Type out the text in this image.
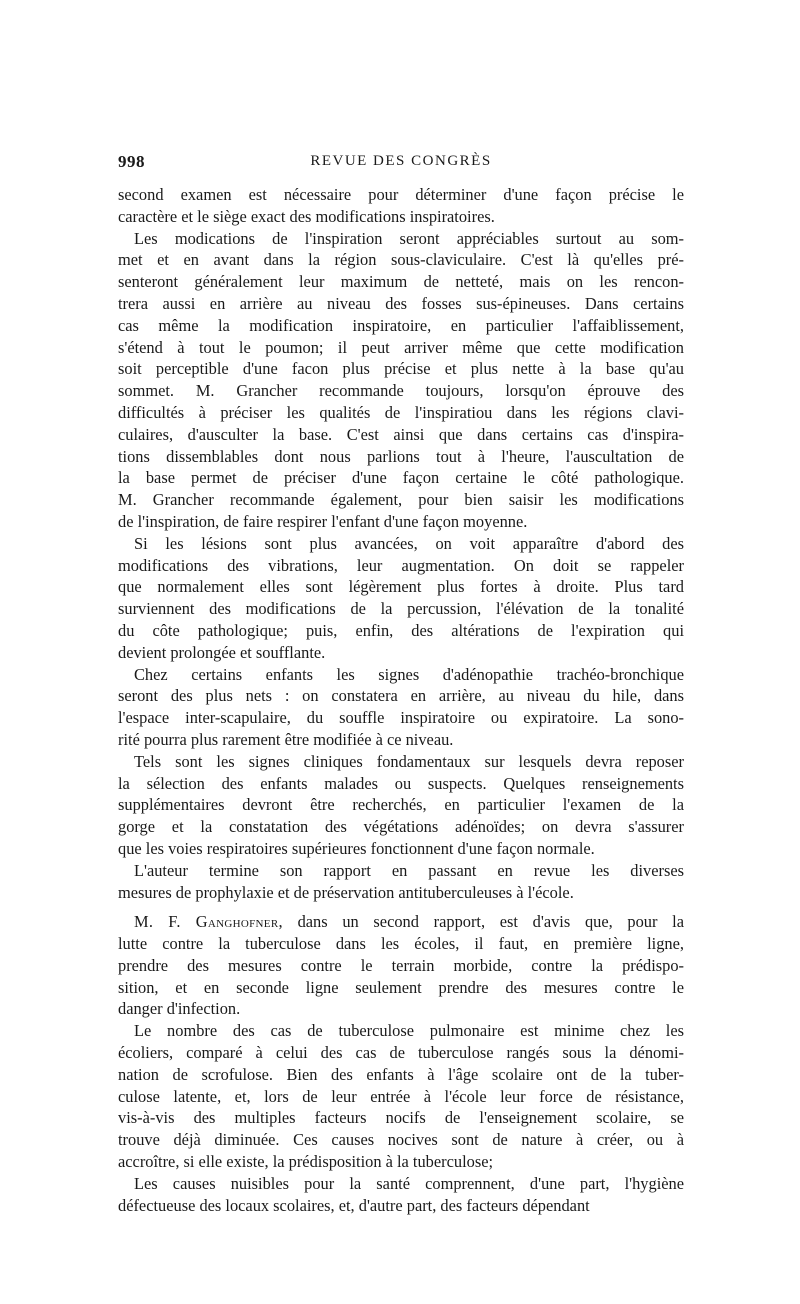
998	REVUE DES CONGRÈS
second examen est nécessaire pour déterminer d'une façon précise le
caractère et le siège exact des modifications inspiratoires.
Les modications de l'inspiration seront appréciables surtout au som-
met et en avant dans la région sous-claviculaire. C'est là qu'elles pré-
senteront généralement leur maximum de netteté, mais on les rencon-
trera aussi en arrière au niveau des fosses sus-épineuses. Dans certains
cas même la modification inspiratoire, en particulier l'affaiblissement,
s'étend à tout le poumon; il peut arriver même que cette modification
soit perceptible d'une facon plus précise et plus nette à la base qu'au
sommet. M. Grancher recommande toujours, lorsqu'on éprouve des
difficultés à préciser les qualités de l'inspiratiou dans les régions clavi-
culaires, d'ausculter la base. C'est ainsi que dans certains cas d'inspira-
tions dissemblables dont nous parlions tout à l'heure, l'auscultation de
la base permet de préciser d'une façon certaine le côté pathologique.
M. Grancher recommande également, pour bien saisir les modifications
de l'inspiration, de faire respirer l'enfant d'une façon moyenne.
Si les lésions sont plus avancées, on voit apparaître d'abord des
modifications des vibrations, leur augmentation. On doit se rappeler
que normalement elles sont légèrement plus fortes à droite. Plus tard
surviennent des modifications de la percussion, l'élévation de la tonalité
du côte pathologique; puis, enfin, des altérations de l'expiration qui
devient prolongée et soufflante.
Chez certains enfants les signes d'adénopathie trachéo-bronchique
seront des plus nets : on constatera en arrière, au niveau du hile, dans
l'espace inter-scapulaire, du souffle inspiratoire ou expiratoire. La sono-
rité pourra plus rarement être modifiée à ce niveau.
Tels sont les signes cliniques fondamentaux sur lesquels devra reposer
la sélection des enfants malades ou suspects. Quelques renseignements
supplémentaires devront être recherchés, en particulier l'examen de la
gorge et la constatation des végétations adénoïdes; on devra s'assurer
que les voies respiratoires supérieures fonctionnent d'une façon normale.
L'auteur termine son rapport en passant en revue les diverses
mesures de prophylaxie et de préservation antituberculeuses à l'école.
M. F. Ganghofner, dans un second rapport, est d'avis que, pour la
lutte contre la tuberculose dans les écoles, il faut, en première ligne,
prendre des mesures contre le terrain morbide, contre la prédispo-
sition, et en seconde ligne seulement prendre des mesures contre le
danger d'infection.
Le nombre des cas de tuberculose pulmonaire est minime chez les
écoliers, comparé à celui des cas de tuberculose rangés sous la dénomi-
nation de scrofulose. Bien des enfants à l'âge scolaire ont de la tuber-
culose latente, et, lors de leur entrée à l'école leur force de résistance,
vis-à-vis des multiples facteurs nocifs de l'enseignement scolaire, se
trouve déjà diminuée. Ces causes nocives sont de nature à créer, ou à
accroître, si elle existe, la prédisposition à la tuberculose;
Les causes nuisibles pour la santé comprennent, d'une part, l'hygiène
défectueuse des locaux scolaires, et, d'autre part, des facteurs dépendant
